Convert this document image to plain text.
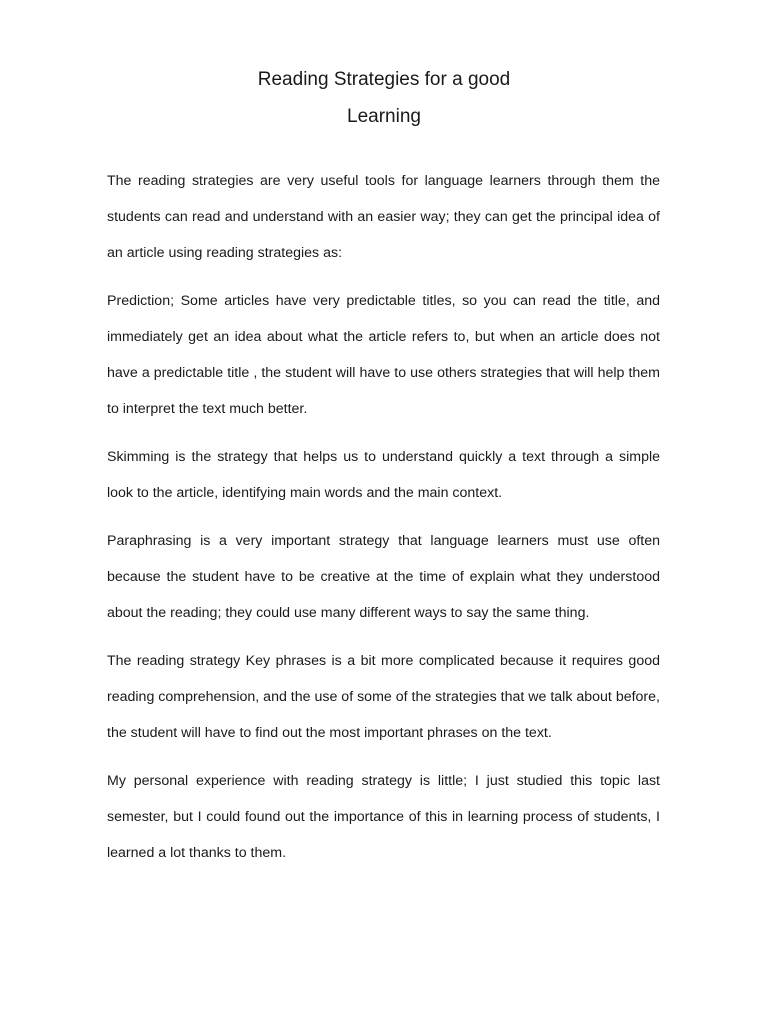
Reading Strategies for a good
Learning

The reading strategies are very useful tools for language learners through them the students can read and understand with an easier way; they can get the principal idea of an article using reading strategies as:

Prediction; Some articles have very predictable titles, so you can read the title, and immediately get an idea about what the article refers to, but when an article does not have a predictable title , the student will have to use others strategies that will help them to interpret the text much better.

Skimming is the strategy that helps us to understand quickly a text through a simple look to the article, identifying main words and the main context.

Paraphrasing is a very important strategy that language learners must use often because the student have to be creative at the time of explain what they understood about the reading; they could use many different ways to say the same thing.

The reading strategy Key phrases is a bit more complicated because it requires good reading comprehension, and the use of some of the strategies that we talk about before, the student will have to find out the most important phrases on the text.

My personal experience with reading strategy is little; I just studied this topic last semester, but I could found out the importance of this in learning process of students, I learned a lot thanks to them.
